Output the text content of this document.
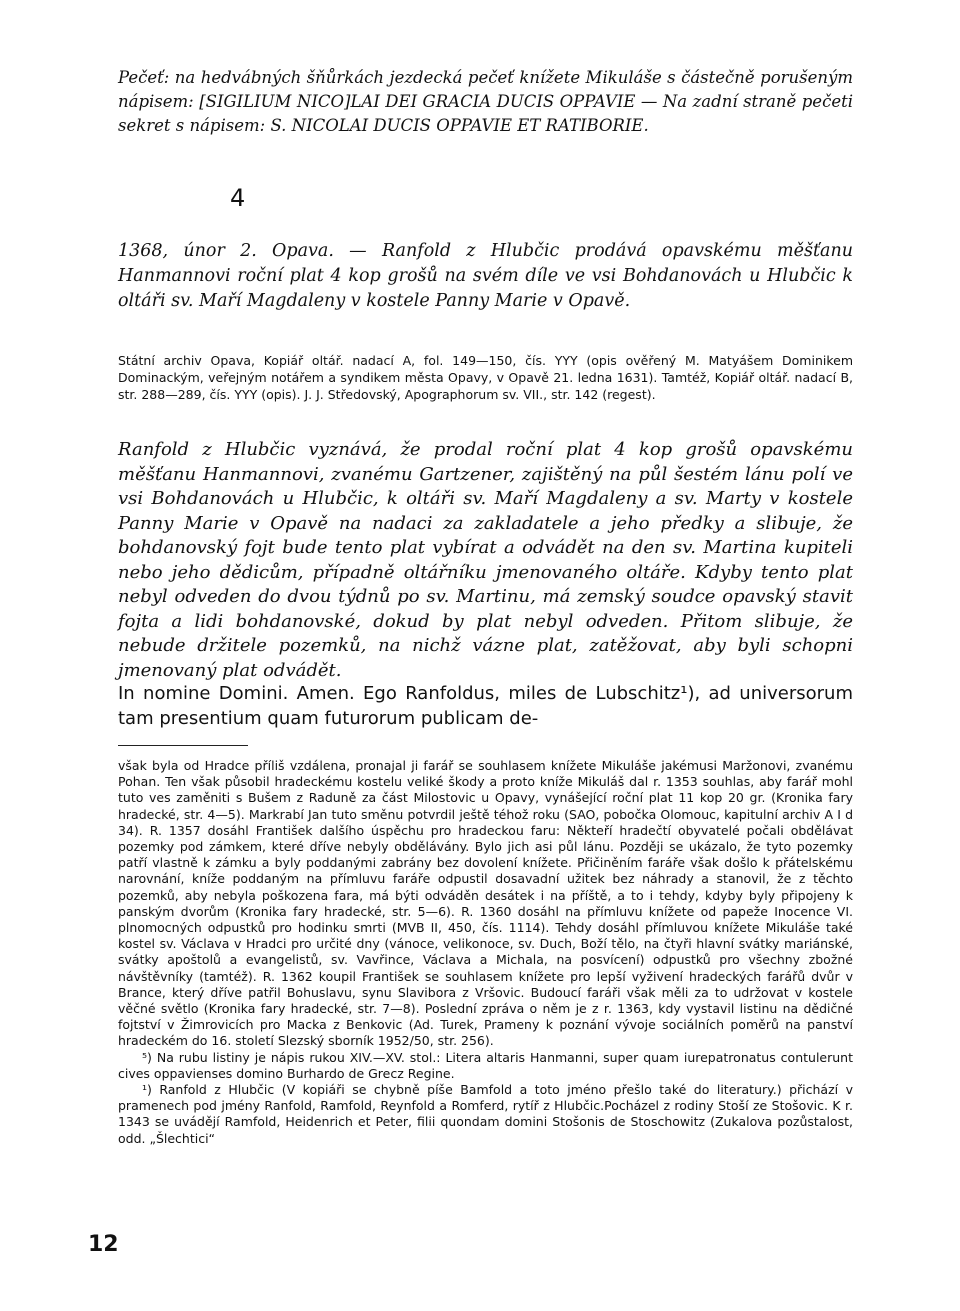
Pečeť: na hedvábných šňůrkách jezdecká pečeť knížete Mikuláše s částečně porušeným nápisem: [SIGILIUM NICO]LAI DEI GRACIA DUCIS OPPAVIE — Na zadní straně pečeti sekret s nápisem: S. NICOLAI DUCIS OPPAVIE ET RATIBORIE.

4

1368, únor 2. Opava. — Ranfold z Hlubčic prodává opavskému měšťanu Hanmannovi roční plat 4 kop grošů na svém díle ve vsi Bohdanovách u Hlubčic k oltáři sv. Maří Magdaleny v kostele Panny Marie v Opavě.

Státní archiv Opava, Kopiář oltář. nadací A, fol. 149—150, čís. YYY (opis ověřený M. Matyášem Dominikem Dominackým, veřejným notářem a syndikem města Opavy, v Opavě 21. ledna 1631). Tamtéž, Kopiář oltář. nadací B, str. 288—289, čís. YYY (opis). J. J. Středovský, Apographorum sv. VII., str. 142 (regest).

Ranfold z Hlubčic vyznává, že prodal roční plat 4 kop grošů opavskému měšťanu Hanmannovi, zvanému Gartzener, zajištěný na půl šestém lánu polí ve vsi Bohdanovách u Hlubčic, k oltáři sv. Maří Magdaleny a sv. Marty v kostele Panny Marie v Opavě na nadaci za zakladatele a jeho předky a slibuje, že bohdanovský fojt bude tento plat vybírat a odvádět na den sv. Martina kupiteli nebo jeho dědicům, případně oltářníku jmenovaného oltáře. Kdyby tento plat nebyl odveden do dvou týdnů po sv. Martinu, má zemský soudce opavský stavit fojta a lidi bohdanovské, dokud by plat nebyl odveden. Přitom slibuje, že nebude držitele pozemků, na nichž vázne plat, zatěžovat, aby byli schopni jmenovaný plat odvádět.

In nomine Domini. Amen. Ego Ranfoldus, miles de Lubschitz¹), ad universorum tam presentium quam futurorum publicam de-

však byla od Hradce příliš vzdálena, pronajal ji farář se souhlasem knížete Mikuláše jakémusi Maržonovi, zvanému Pohan. Ten však působil hradeckému kostelu veliké škody a proto kníže Mikuláš dal r. 1353 souhlas, aby farář mohl tuto ves zaměniti s Bušem z Raduně za část Milostovic u Opavy, vynášející roční plat 11 kop 20 gr. (Kronika fary hradecké, str. 4—5). Markrabí Jan tuto směnu potvrdil ještě téhož roku (SAO, pobočka Olomouc, kapitulní archiv A I d 34). R. 1357 dosáhl František dalšího úspěchu pro hradeckou faru: Někteří hradečtí obyvatelé počali obdělávat pozemky pod zámkem, které dříve nebyly obdělávány. Bylo jich asi půl lánu. Později se ukázalo, že tyto pozemky patří vlastně k zámku a byly poddanými zabrány bez dovolení knížete. Přičiněním faráře však došlo k přátelskému narovnání, kníže poddaným na přímluvu faráře odpustil dosavadní užitek bez náhrady a stanovil, že z těchto pozemků, aby nebyla poškozena fara, má býti odváděn desátek i na příště, a to i tehdy, kdyby byly připojeny k panským dvorům (Kronika fary hradecké, str. 5—6). R. 1360 dosáhl na přímluvu knížete od papeže Inocence VI. plnomocných odpustků pro hodinku smrti (MVB II, 450, čís. 1114). Tehdy dosáhl přímluvou knížete Mikuláše také kostel sv. Václava v Hradci pro určité dny (vánoce, velikonoce, sv. Duch, Boží tělo, na čtyři hlavní svátky mariánské, svátky apoštolů a evangelistů, sv. Vavřince, Václava a Michala, na posvícení) odpustků pro všechny zbožné návštěvníky (tamtéž). R. 1362 koupil František se souhlasem knížete pro lepší vyživení hradeckých farářů dvůr v Brance, který dříve patřil Bohuslavu, synu Slavibora z Vršovic. Budoucí faráři však měli za to udržovat v kostele věčné světlo (Kronika fary hradecké, str. 7—8). Poslední zpráva o něm je z r. 1363, kdy vystavil listinu na dědičné fojtství v Žimrovicích pro Macka z Benkovic (Ad. Turek, Prameny k poznání vývoje sociálních poměrů na panství hradeckém do 16. století Slezský sborník 1952/50, str. 256).

⁵) Na rubu listiny je nápis rukou XIV.—XV. stol.: Litera altaris Hanmanni, super quam iurepatronatus contulerunt cives oppavienses domino Burhardo de Grecz Regine.

¹) Ranfold z Hlubčic (V kopiáři se chybně píše Bamfold a toto jméno přešlo také do literatury.) přichází v pramenech pod jmény Ranfold, Ramfold, Reynfold a Romferd, rytíř z Hlubčic.Pocházel z rodiny Stoší ze Stošovic. K r. 1343 se uvádějí Ramfold, Heidenrich et Peter, filii quondam domini Stošonis de Stoschowitz (Zukalova pozůstalost, odd. „Šlechtici“

12
